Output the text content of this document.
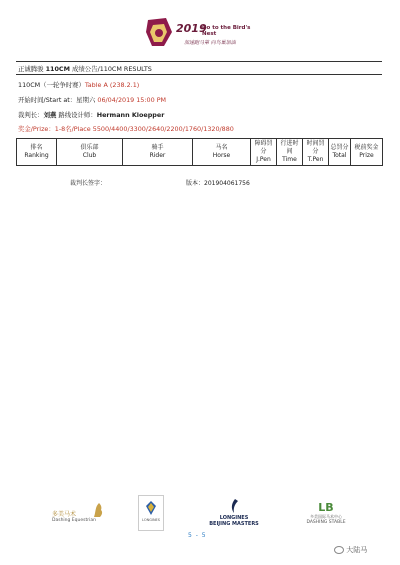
2019
Go to the Bird's Nest
加速跑马第 向鸟巢加油
正诚腾骏 110CM 成绩公告/110CM RESULTS
110CM（一轮争时赛）Table A (238.2.1)
开始时间/Start at：星期六 06/04/2019 15:00 PM
裁判长：刘燕 路线设计师：Hermann Kloepper
奖金/Prize：1-8名/Place 5500/4400/3300/2640/2200/1760/1320/880
排名
Ranking

俱乐部
Club

骑手
Rider

马名
Horse

障碍罚分
J.Pen

行进时间
Time

时间罚分
T.Pen

总罚分
Total

税前奖金
Prize
裁判长签字：	版本：201904061756
多美马术
Dashing Equestrian	LONGINES	LONGINES
BEIJING MASTERS
LB
多美国际马术中心
DASHING STABLE
5 - 5
大陆马
